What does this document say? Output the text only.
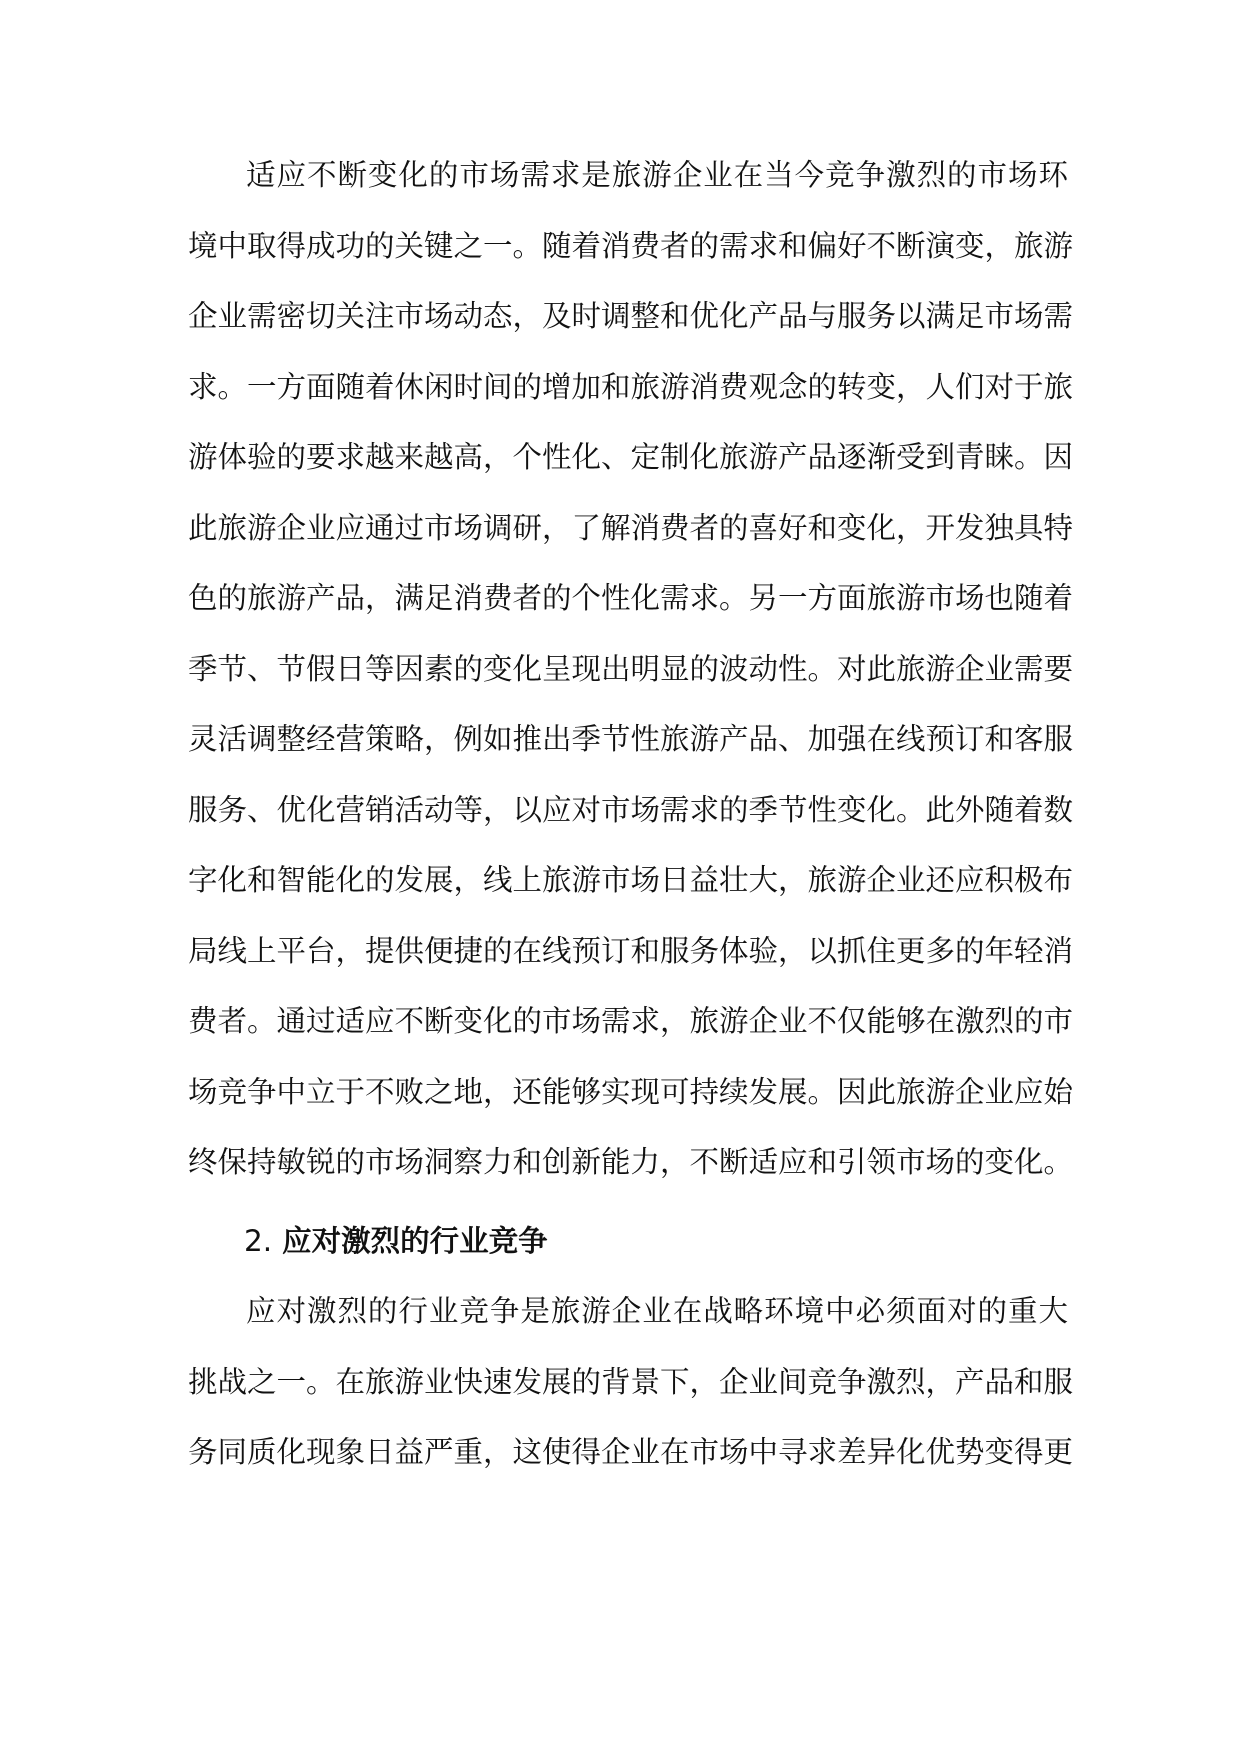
适应不断变化的市场需求是旅游企业在当今竞争激烈的市场环
境中取得成功的关键之一。随着消费者的需求和偏好不断演变，旅游
企业需密切关注市场动态，及时调整和优化产品与服务以满足市场需
求。一方面随着休闲时间的增加和旅游消费观念的转变，人们对于旅
游体验的要求越来越高，个性化、定制化旅游产品逐渐受到青睐。因
此旅游企业应通过市场调研，了解消费者的喜好和变化，开发独具特
色的旅游产品，满足消费者的个性化需求。另一方面旅游市场也随着
季节、节假日等因素的变化呈现出明显的波动性。对此旅游企业需要
灵活调整经营策略，例如推出季节性旅游产品、加强在线预订和客服
服务、优化营销活动等，以应对市场需求的季节性变化。此外随着数
字化和智能化的发展，线上旅游市场日益壮大，旅游企业还应积极布
局线上平台，提供便捷的在线预订和服务体验，以抓住更多的年轻消
费者。通过适应不断变化的市场需求，旅游企业不仅能够在激烈的市
场竞争中立于不败之地，还能够实现可持续发展。因此旅游企业应始
终保持敏锐的市场洞察力和创新能力，不断适应和引领市场的变化。
2. 应对激烈的行业竞争
应对激烈的行业竞争是旅游企业在战略环境中必须面对的重大
挑战之一。在旅游业快速发展的背景下，企业间竞争激烈，产品和服
务同质化现象日益严重，这使得企业在市场中寻求差异化优势变得更
